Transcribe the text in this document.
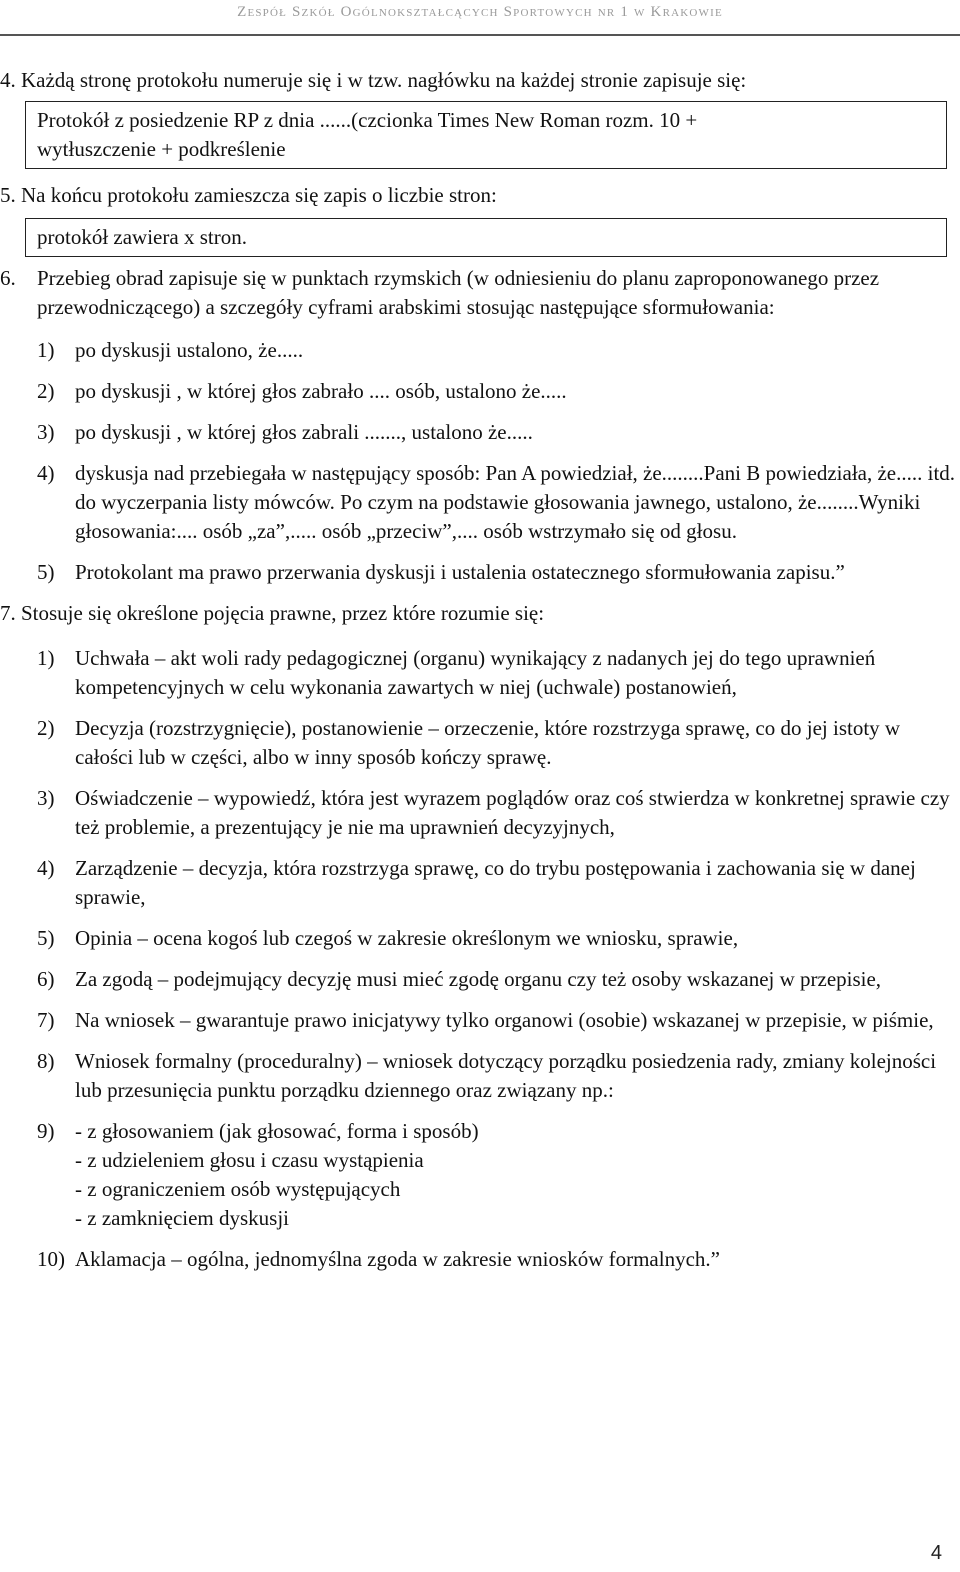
Zespół Szkół Ogólnokształcących Sportowych nr 1 w Krakowie

4. Każdą stronę protokołu numeruje się i w tzw. nagłówku na każdej stronie zapisuje się:

Protokół z posiedzenie RP z dnia ......(czcionka Times New Roman rozm. 10 +
wytłuszczenie + podkreślenie

5. Na końcu protokołu zamieszcza się zapis o liczbie stron:

protokół zawiera x stron.

6. Przebieg obrad zapisuje się w punktach rzymskich (w odniesieniu do planu zaproponowanego przez przewodniczącego) a szczegóły cyframi arabskimi stosując następujące sformułowania:

1) po dyskusji ustalono, że.....
2) po dyskusji , w której głos zabrało .... osób, ustalono że.....
3) po dyskusji , w której głos zabrali ......., ustalono że.....
4) dyskusja nad przebiegała w następujący sposób: Pan A powiedział, że........Pani B powiedziała, że..... itd. do wyczerpania listy mówców. Po czym na podstawie głosowania jawnego, ustalono, że........Wyniki głosowania:.... osób „za”,..... osób „przeciw”,.... osób wstrzymało się od głosu.
5) Protokolant ma prawo przerwania dyskusji i ustalenia ostatecznego sformułowania zapisu.”

7. Stosuje się określone pojęcia prawne, przez które rozumie się:

1) Uchwała – akt woli rady pedagogicznej (organu) wynikający z nadanych jej do tego uprawnień kompetencyjnych w celu wykonania zawartych w niej (uchwale) postanowień,
2) Decyzja (rozstrzygnięcie), postanowienie – orzeczenie, które rozstrzyga sprawę, co do jej istoty w całości lub w części, albo w inny sposób kończy sprawę.
3) Oświadczenie – wypowiedź, która jest wyrazem poglądów oraz coś stwierdza w konkretnej sprawie czy też problemie, a prezentujący je nie ma uprawnień decyzyjnych,
4) Zarządzenie – decyzja, która rozstrzyga sprawę, co do trybu postępowania i zachowania się w danej sprawie,
5) Opinia – ocena kogoś lub czegoś w zakresie określonym we wniosku, sprawie,
6) Za zgodą – podejmujący decyzję musi mieć zgodę organu czy też osoby wskazanej w przepisie,
7) Na wniosek – gwarantuje prawo inicjatywy tylko organowi (osobie) wskazanej w przepisie, w piśmie,
8) Wniosek formalny (proceduralny) – wniosek dotyczący porządku posiedzenia rady, zmiany kolejności lub przesunięcia punktu porządku dziennego oraz związany np.:
9) - z głosowaniem (jak głosować, forma i sposób)
- z udzieleniem głosu i czasu wystąpienia
- z ograniczeniem osób występujących
- z zamknięciem dyskusji
10) Aklamacja – ogólna, jednomyślna zgoda w zakresie wniosków formalnych.”
4
